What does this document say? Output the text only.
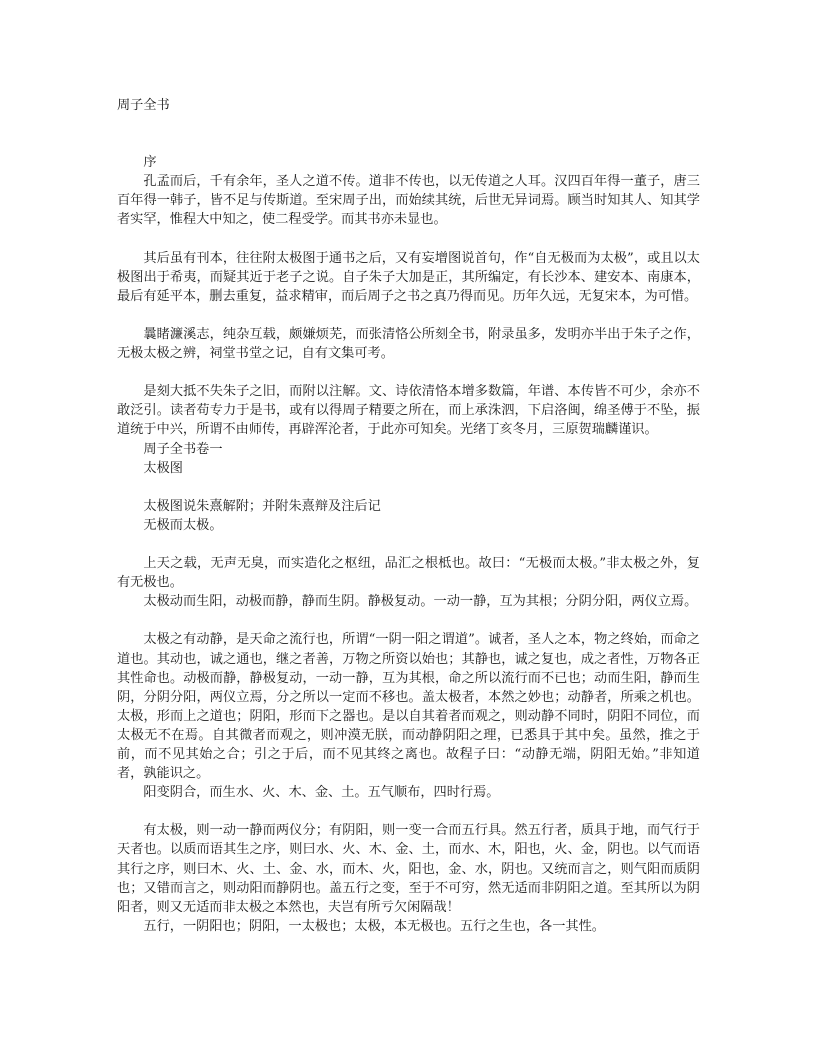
周子全书

序

孔孟而后，千有余年，圣人之道不传。道非不传也，以无传道之人耳。汉四百年得一董子，唐三百年得一韩子，皆不足与传斯道。至宋周子出，而始续其统，后世无异词焉。顾当时知其人、知其学者实罕，惟程大中知之，使二程受学。而其书亦未显也。

其后虽有刊本，往往附太极图于通书之后，又有妄增图说首句，作“自无极而为太极”，或且以太极图出于希夷，而疑其近于老子之说。自子朱子大加是正，其所编定，有长沙本、建安本、南康本，最后有延平本，删去重复，益求精审，而后周子之书之真乃得而见。历年久远，无复宋本，为可惜。

曩睹濂溪志，纯杂互载，颇嫌烦芜，而张清恪公所刻全书，附录虽多，发明亦半出于朱子之作，无极太极之辨，祠堂书堂之记，自有文集可考。

是刻大抵不失朱子之旧，而附以注解。文、诗依清恪本增多数篇，年谱、本传皆不可少，余亦不敢泛引。读者苟专力于是书，或有以得周子精要之所在，而上承洙泗，下启洛闽，绵圣傅于不坠，振道统于中兴，所谓不由师传，再辟浑沦者，于此亦可知矣。光绪丁亥冬月，三原贺瑞麟谨识。

周子全书卷一

太极图

太极图说朱熹解附；并附朱熹辩及注后记

无极而太极。

上天之载，无声无臭，而实造化之枢纽，品汇之根柢也。故曰：“无极而太极。”非太极之外，复有无极也。

太极动而生阳，动极而静，静而生阴。静极复动。一动一静，互为其根；分阴分阳，两仪立焉。

太极之有动静，是天命之流行也，所谓“一阴一阳之谓道”。诚者，圣人之本，物之终始，而命之道也。其动也，诚之通也，继之者善，万物之所资以始也；其静也，诚之复也，成之者性，万物各正其性命也。动极而静，静极复动，一动一静，互为其根，命之所以流行而不已也；动而生阳，静而生阴，分阴分阳，两仪立焉，分之所以一定而不移也。盖太极者，本然之妙也；动静者，所乘之机也。太极，形而上之道也；阴阳，形而下之器也。是以自其着者而观之，则动静不同时，阴阳不同位，而太极无不在焉。自其微者而观之，则冲漠无朕，而动静阴阳之理，已悉具于其中矣。虽然，推之于前，而不见其始之合；引之于后，而不见其终之离也。故程子曰：“动静无端，阴阳无始。”非知道者，孰能识之。

阳变阴合，而生水、火、木、金、土。五气顺布，四时行焉。

有太极，则一动一静而两仪分；有阴阳，则一变一合而五行具。然五行者，质具于地，而气行于天者也。以质而语其生之序，则曰水、火、木、金、土，而水、木，阳也，火、金，阴也。以气而语其行之序，则曰木、火、土、金、水，而木、火，阳也，金、水，阴也。又统而言之，则气阳而质阴也；又错而言之，则动阳而静阴也。盖五行之变，至于不可穷，然无适而非阴阳之道。至其所以为阴阳者，则又无适而非太极之本然也，夫岂有所亏欠闲隔哉！

五行，一阴阳也；阴阳，一太极也；太极，本无极也。五行之生也，各一其性。
